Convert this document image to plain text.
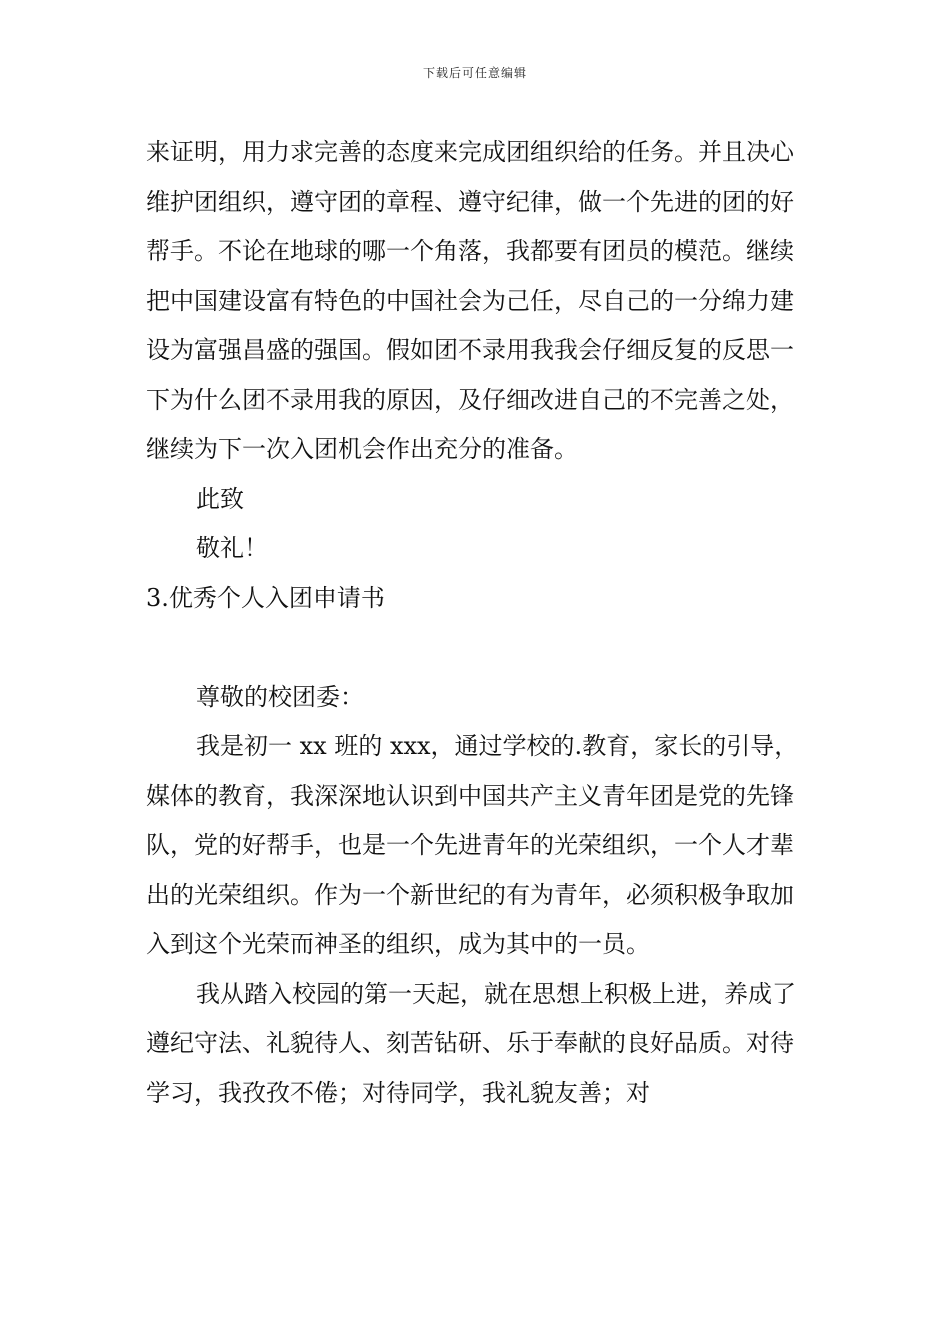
下载后可任意编辑

来证明，用力求完善的态度来完成团组织给的任务。并且决心维护团组织，遵守团的章程、遵守纪律，做一个先进的团的好帮手。不论在地球的哪一个角落，我都要有团员的模范。继续把中国建设富有特色的中国社会为己任，尽自己的一分绵力建设为富强昌盛的强国。假如团不录用我我会仔细反复的反思一下为什么团不录用我的原因，及仔细改进自己的不完善之处，继续为下一次入团机会作出充分的准备。

此致

敬礼！

3.优秀个人入团申请书

尊敬的校团委：

我是初一 xx 班的 xxx，通过学校的.教育，家长的引导，媒体的教育，我深深地认识到中国共产主义青年团是党的先锋队，党的好帮手，也是一个先进青年的光荣组织，一个人才辈出的光荣组织。作为一个新世纪的有为青年，必须积极争取加入到这个光荣而神圣的组织，成为其中的一员。

我从踏入校园的第一天起，就在思想上积极上进，养成了遵纪守法、礼貌待人、刻苦钻研、乐于奉献的良好品质。对待学习，我孜孜不倦；对待同学，我礼貌友善；对
